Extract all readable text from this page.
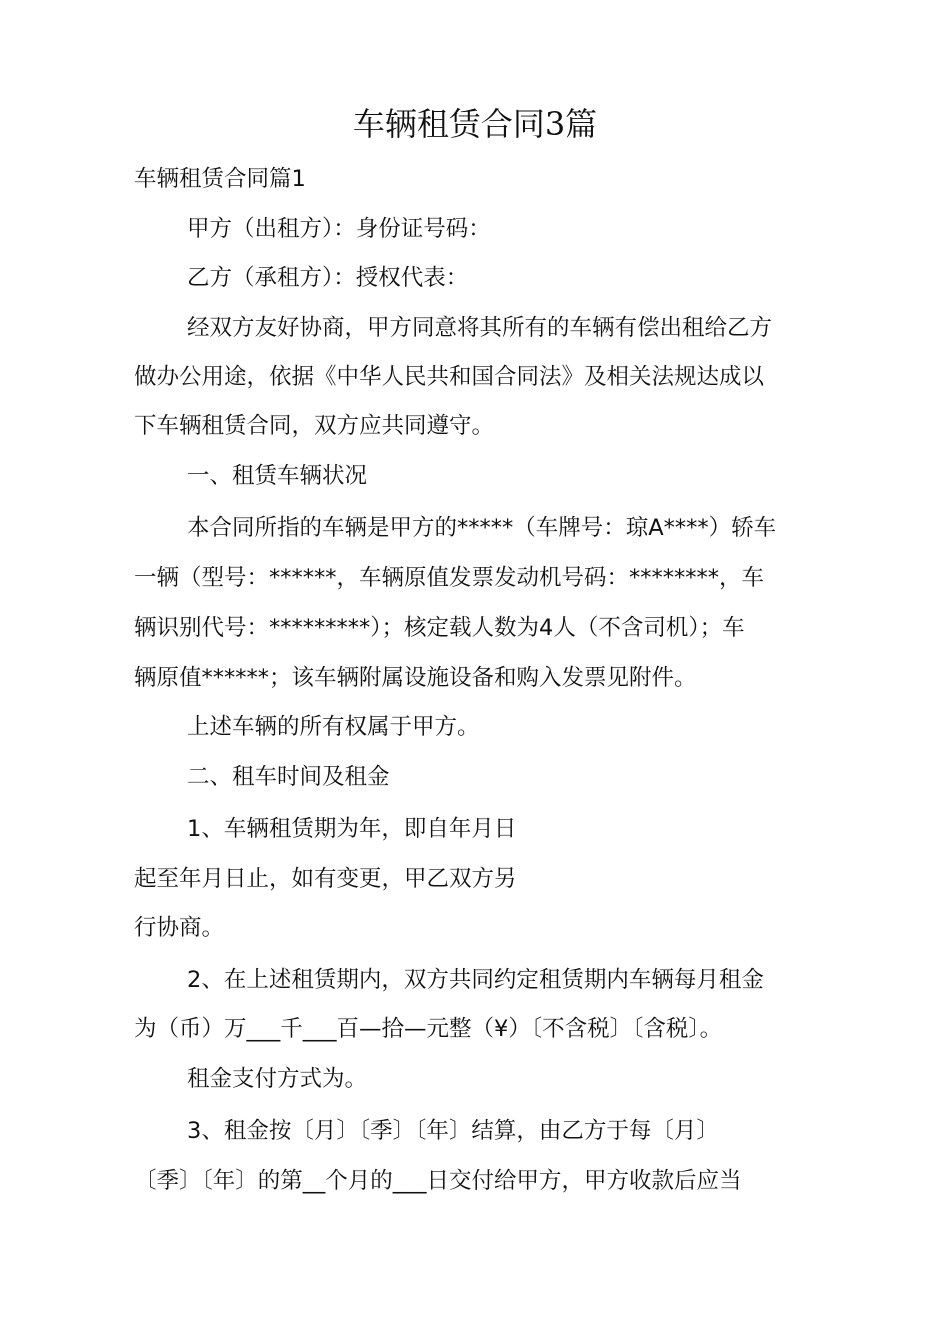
车辆租赁合同3篇
车辆租赁合同篇1
甲方（出租方）：身份证号码：
乙方（承租方）：授权代表：
经双方友好协商，甲方同意将其所有的车辆有偿出租给乙方
做办公用途，依据《中华人民共和国合同法》及相关法规达成以
下车辆租赁合同，双方应共同遵守。
一、租赁车辆状况
本合同所指的车辆是甲方的*****（车牌号：琼A****）轿车
一辆（型号：******，车辆原值发票发动机号码：********，车
辆识别代号：*********）；核定载人数为4人（不含司机）；车
辆原值******；该车辆附属设施设备和购入发票见附件。
上述车辆的所有权属于甲方。
二、租车时间及租金
1、车辆租赁期为年，即自年月日
起至年月日止，如有变更，甲乙双方另
行协商。
2、在上述租赁期内，双方共同约定租赁期内车辆每月租金
为（币）万___千___百—拾—元整（¥）〔不含税〕〔含税〕。
租金支付方式为。
3、租金按〔月〕〔季〕〔年〕结算，由乙方于每〔月〕
〔季〕〔年〕的第__个月的___日交付给甲方，甲方收款后应当
